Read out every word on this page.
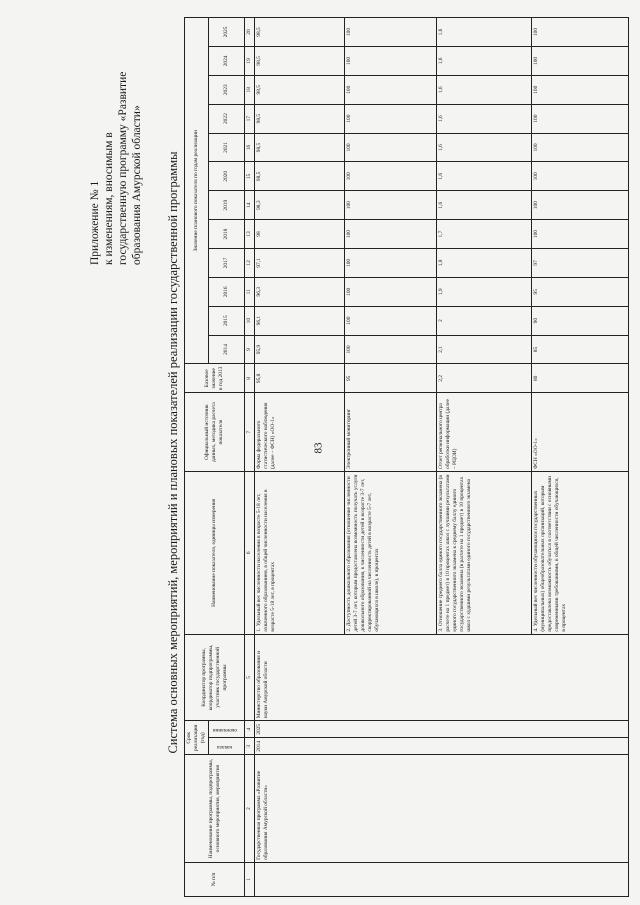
83
Приложение № 1 к изменениям, вносимым в государственную программу «Развитие образования Амурской области» Система основных мероприятий, мероприятий и плановых показателей реализации государственной программы
№ п/п	Наименование программы, подпрограммы, основного мероприятия, мероприятия	Срок реализации (год)		Координатор программы, координатор подпрограммы, участник государственной программы	Наименование показателя, единицы измерения	Официальный источник данных, методика расчета показателя	Базовое значение в год 2013	Значение планового показателя по годам реализации											
		начала	окончания					2014	2015	2016	2017	2018	2019	2020	2021	2022	2023	2024	2025

1	2	3	4	5	6	7	8	9	10	11	12	13	14	15	16	17	18	19	20
	Государственная программа «Развитие образования Амурской области»	2014	2025	Министерство образования и науки Амурской области	1. Удельный вес численности населения в возрасте 5-18 лет, охваченного образованием, в общей численности населения в возрасте 5-18 лет, в процентах	Форма федерального статистического наблюдения (далее – ФСН) «ОО-1»	95,8	95,9	96,1	96,3	97,1	98	98,3	98,5	98,5	98,5	98,5	98,5	98,5
					2. Доступность дошкольного образования (отношение численности детей 3-7 лет, которым предоставлена возможность получать услуги дошкольного образования, к численности детей в возрасте 3-7 лет, скорректированной на численность детей в возрасте 5-7 лет, обучающихся в школе), в процентах	Электронный мониторинг	95	100	100	100	100	100	100	100	100	100	100	100	100
					3. Отношение среднего балла единого государственного экзамена (в расчете на 1 предмет) в 10 процентах школ с лучшими результатами единого государственного экзамена к среднему баллу единого государственного экзамена (в расчете на 1 предмет) в 10 процентах школ с худшими результатами единого государственного экзамена	Отчет регионального центра обработки информации (далее – РЦОИ)	2,2	2,1	2	1,9	1,8	1,7	1,6	1,6	1,6	1,6	1,6	1,6	1,6
					4. Удельный вес численности обучающихся государственных (муниципальных) общеобразовательных организаций, которым предоставлена возможность обучаться в соответствии с основными современными требованиями, в общей численности обучающихся, в процентах	ФСН «ОО-1»	80	85	90	95	97	100	100	100	100	100	100	100	100
